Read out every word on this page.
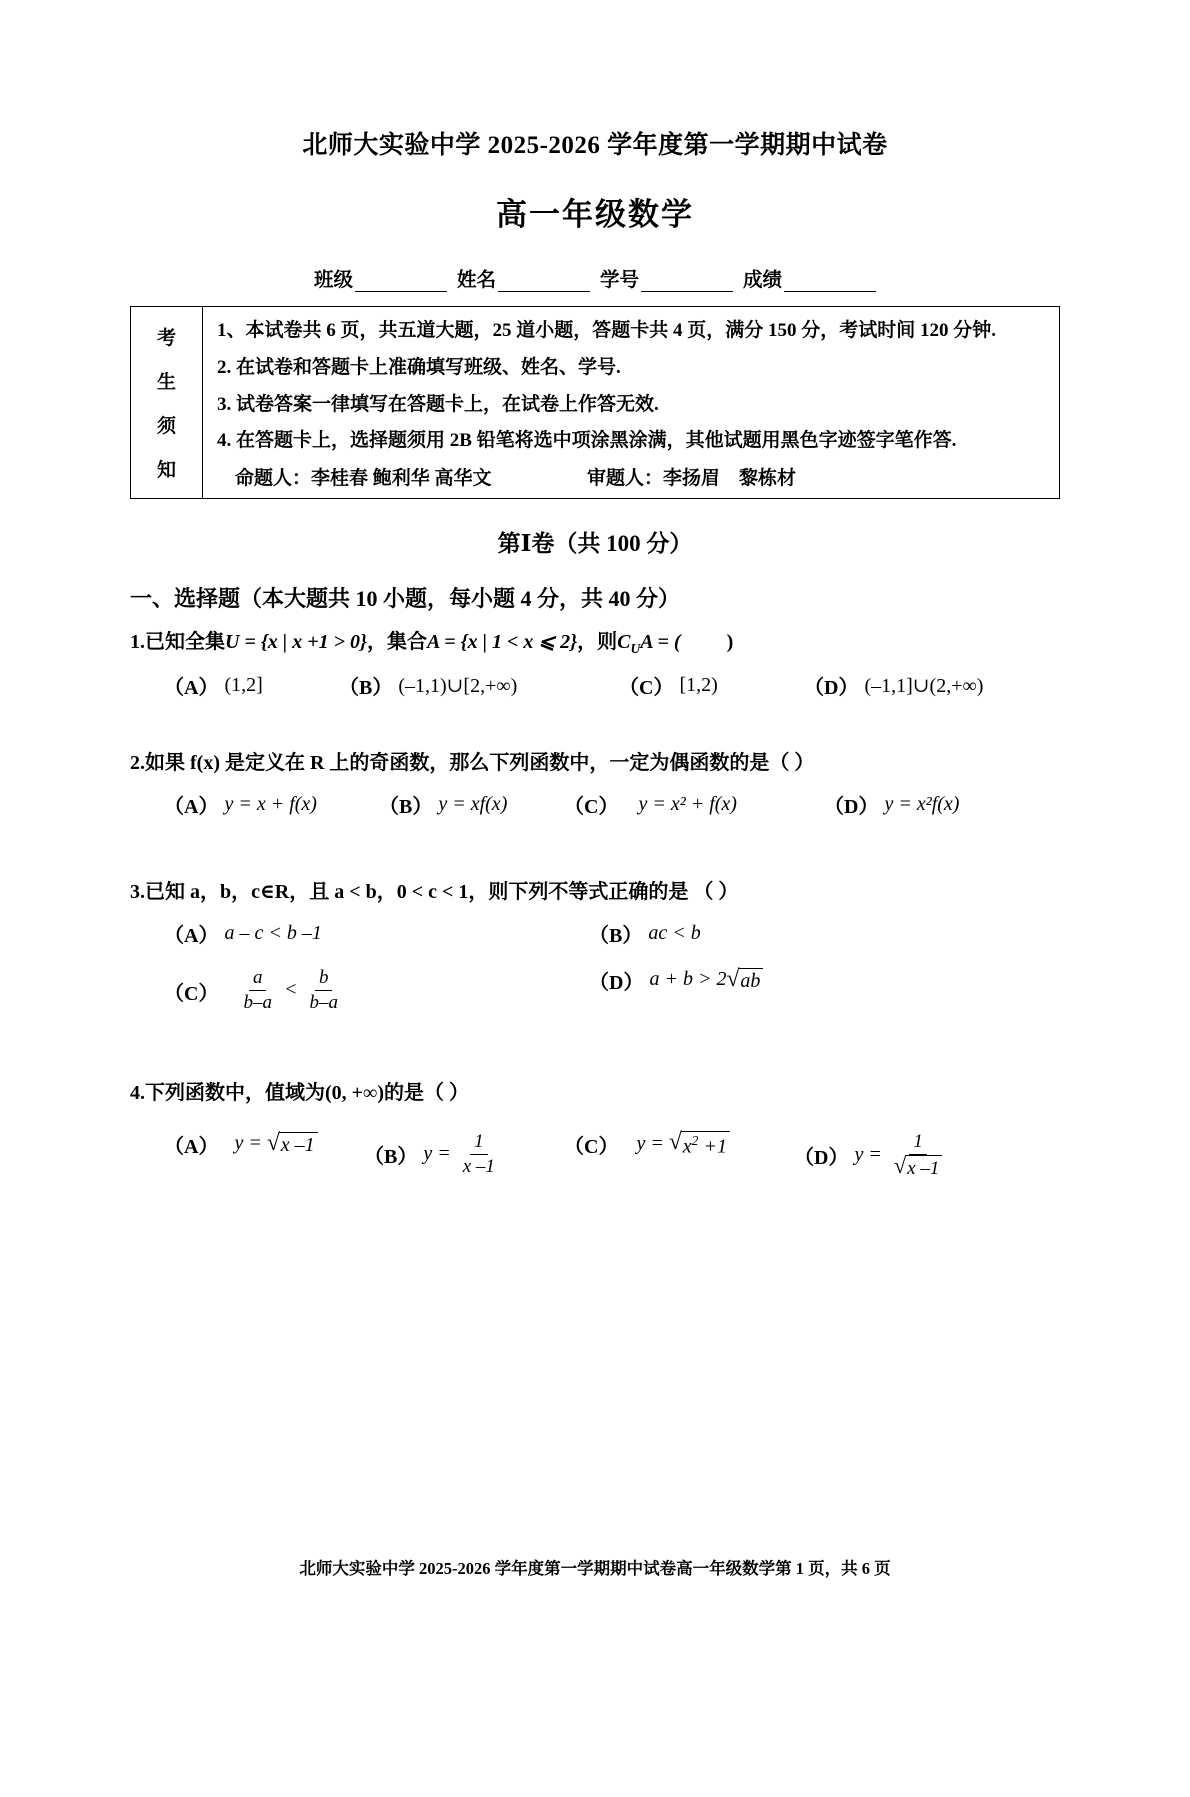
北师大实验中学 2025-2026 学年度第一学期期中试卷
高一年级数学
班级	姓名	学号	成绩
考
生
须
知

1、本试卷共 6 页，共五道大题，25 道小题，答题卡共 4 页，满分 150 分，考试时间 120 分钟.

2. 在试卷和答题卡上准确填写班级、姓名、学号.

3. 试卷答案一律填写在答题卡上，在试卷上作答无效.

4. 在答题卡上，选择题须用 2B 铅笔将选中项涂黑涂满，其他试题用黑色字迹签字笔作答.

命题人：李桂春 鲍利华 高华文	审题人：李扬眉　黎栋材
第Ⅰ卷（共 100 分）
一、选择题（本大题共 10 小题，每小题 4 分，共 40 分）
1.已知全集U = {x | x +1 > 0}，集合A = {x | 1 < x ⩽ 2}，则$C_UA$ = ( )
（A） (1,2]	（B） (–1,1)∪[2,+∞)	（C） [1,2)	（D） (–1,1]∪(2,+∞)
2.如果 f(x) 是定义在 R 上的奇函数，那么下列函数中，一定为偶函数的是（ ）
（A） y = x + f(x)	（B） y = xf(x)	（C） y = x² + f(x)	（D） y = x²f(x)
3.已知 a，b，c∈R，且 a < b，0 < c < 1，则下列不等式正确的是 （ ）
（A） a – c < b –1	（B） ac < b
$(C) \frac{a}{b-a} < \frac{b}{b-a}$	（D） a + b > 2 √ ab
4.下列函数中，值域为(0, +∞)的是（ ）
（A） y = √ x –1
（B） $y = \frac{1}{x -1}$	（C） y = √ $x^2 +1$
（D） $y = \frac{1}{√ x -1}$
北师大实验中学 2025-2026 学年度第一学期期中试卷高一年级数学第 1 页，共 6 页
